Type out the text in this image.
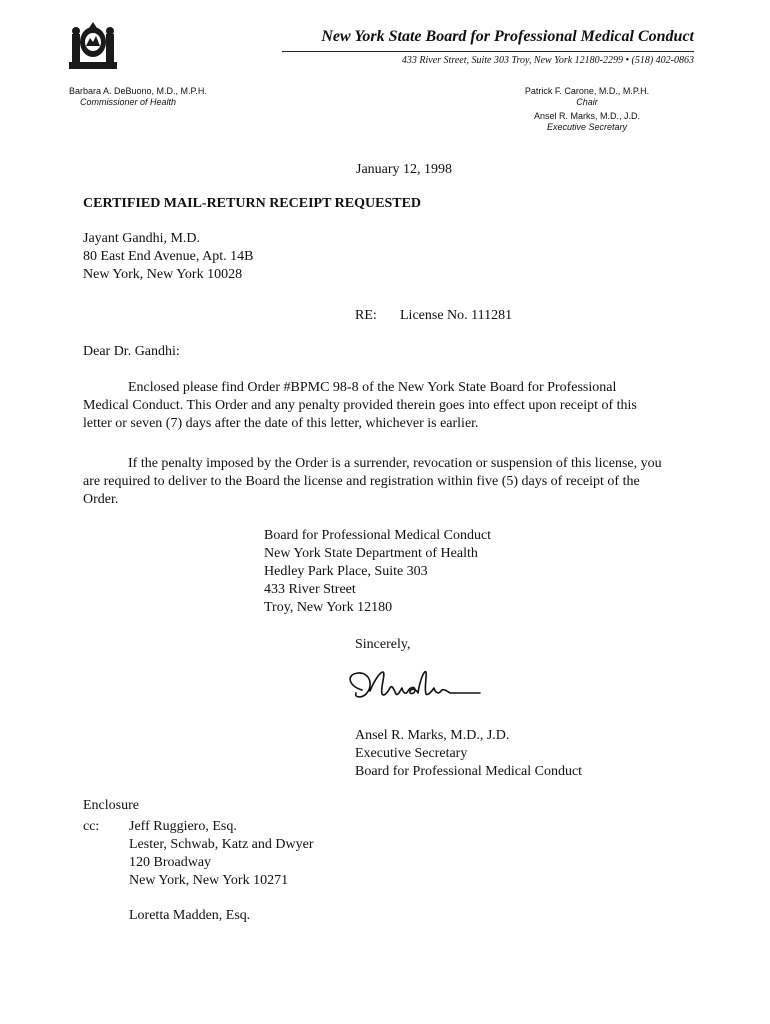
New York State Board for Professional Medical Conduct
433 River Street, Suite 303 Troy, New York 12180-2299 • (518) 402-0863
Barbara A. DeBuono, M.D., M.P.H.
Commissioner of Health
Patrick F. Carone, M.D., M.P.H.
Chair
Ansel R. Marks, M.D., J.D.
Executive Secretary
January 12, 1998
CERTIFIED MAIL-RETURN RECEIPT REQUESTED
Jayant Gandhi, M.D.
80 East End Avenue, Apt. 14B
New York, New York 10028
RE: License No. 111281
Dear Dr. Gandhi:
Enclosed please find Order #BPMC 98-8 of the New York State Board for Professional Medical Conduct. This Order and any penalty provided therein goes into effect upon receipt of this letter or seven (7) days after the date of this letter, whichever is earlier.
If the penalty imposed by the Order is a surrender, revocation or suspension of this license, you are required to deliver to the Board the license and registration within five (5) days of receipt of the Order.
Board for Professional Medical Conduct
New York State Department of Health
Hedley Park Place, Suite 303
433 River Street
Troy, New York 12180
Sincerely,
Ansel R. Marks, M.D., J.D.
Executive Secretary
Board for Professional Medical Conduct
Enclosure
cc: Jeff Ruggiero, Esq.
Lester, Schwab, Katz and Dwyer
120 Broadway
New York, New York 10271
Loretta Madden, Esq.
